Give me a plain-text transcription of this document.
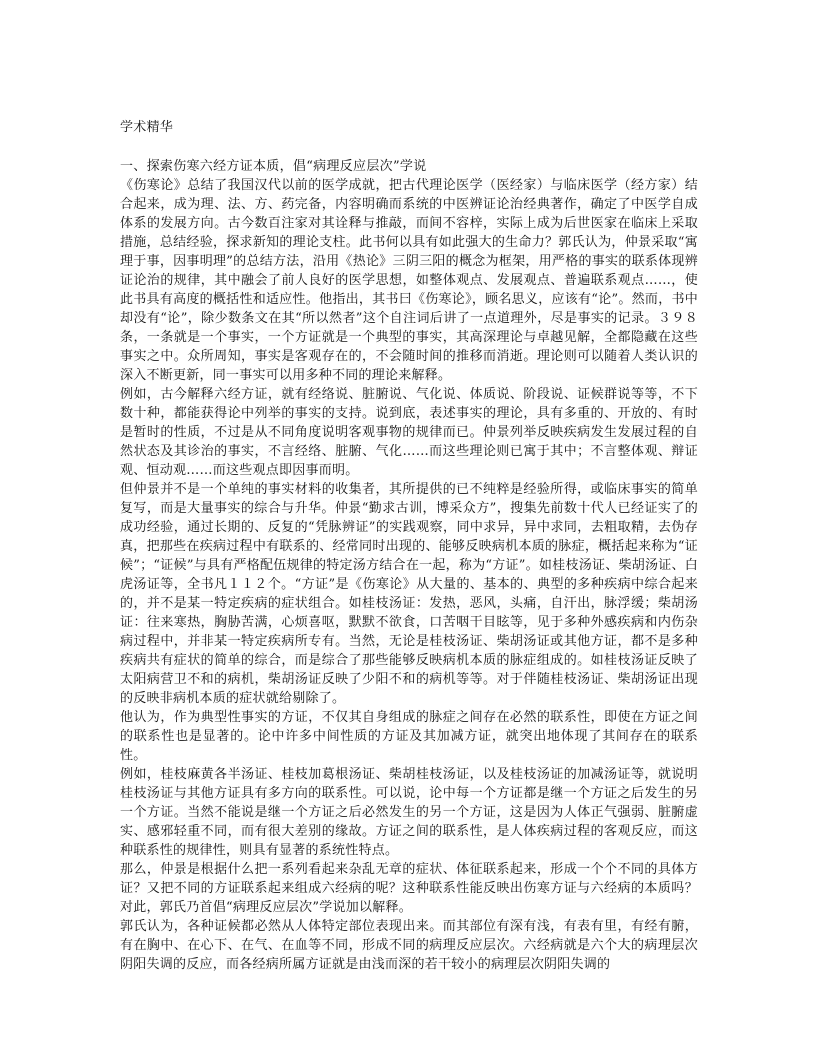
学术精华

一、探索伤寒六经方证本质，倡“病理反应层次”学说

《伤寒论》总结了我国汉代以前的医学成就，把古代理论医学（医经家）与临床医学（经方家）结合起来，成为理、法、方、药完备，内容明确而系统的中医辨证论治经典著作，确定了中医学自成体系的发展方向。古今数百注家对其诠释与推敲，而间不容梓，实际上成为后世医家在临床上采取措施，总结经验，探求新知的理论支柱。此书何以具有如此强大的生命力？郭氏认为，仲景采取“寓理于事，因事明理”的总结方法，沿用《热论》三阴三阳的概念为框架，用严格的事实的联系体现辨证论治的规律，其中融会了前人良好的医学思想，如整体观点、发展观点、普遍联系观点……，使此书具有高度的概括性和适应性。他指出，其书曰《伤寒论》，顾名思义，应该有“论”。然而，书中却没有“论”，除少数条文在其“所以然者”这个自注词后讲了一点道理外，尽是事实的记录。３９８条，一条就是一个事实，一个方证就是一个典型的事实，其高深理论与卓越见解，全都隐藏在这些事实之中。众所周知，事实是客观存在的，不会随时间的推移而消逝。理论则可以随着人类认识的深入不断更新，同一事实可以用多种不同的理论来解释。

例如，古今解释六经方证，就有经络说、脏腑说、气化说、体质说、阶段说、证候群说等等，不下数十种，都能获得论中列举的事实的支持。说到底，表述事实的理论，具有多重的、开放的、有时是暂时的性质，不过是从不同角度说明客观事物的规律而已。仲景列举反映疾病发生发展过程的自然状态及其诊治的事实，不言经络、脏腑、气化……而这些理论则已寓于其中；不言整体观、辩证观、恒动观……而这些观点即因事而明。

但仲景并不是一个单纯的事实材料的收集者，其所提供的已不纯粹是经验所得，或临床事实的简单复写，而是大量事实的综合与升华。仲景“勤求古训，博采众方”，搜集先前数十代人已经证实了的成功经验，通过长期的、反复的“凭脉辨证”的实践观察，同中求异，异中求同，去粗取精，去伪存真，把那些在疾病过程中有联系的、经常同时出现的、能够反映病机本质的脉症，概括起来称为“证候”；“证候”与具有严格配伍规律的特定汤方结合在一起，称为“方证”。如桂枝汤证、柴胡汤证、白虎汤证等，全书凡１１２个。“方证”是《伤寒论》从大量的、基本的、典型的多种疾病中综合起来的，并不是某一特定疾病的症状组合。如桂枝汤证：发热，恶风，头痛，自汗出，脉浮缓；柴胡汤证：往来寒热，胸胁苦满，心烦喜呕，默默不欲食，口苦咽干目眩等，见于多种外感疾病和内伤杂病过程中，并非某一特定疾病所专有。当然，无论是桂枝汤证、柴胡汤证或其他方证，都不是多种疾病共有症状的简单的综合，而是综合了那些能够反映病机本质的脉症组成的。如桂枝汤证反映了太阳病营卫不和的病机，柴胡汤证反映了少阳不和的病机等等。对于伴随桂枝汤证、柴胡汤证出现的反映非病机本质的症状就给剔除了。

他认为，作为典型性事实的方证，不仅其自身组成的脉症之间存在必然的联系性，即使在方证之间的联系性也是显著的。论中许多中间性质的方证及其加减方证，就突出地体现了其间存在的联系性。

例如，桂枝麻黄各半汤证、桂枝加葛根汤证、柴胡桂枝汤证，以及桂枝汤证的加减汤证等，就说明桂枝汤证与其他方证具有多方向的联系性。可以说，论中每一个方证都是继一个方证之后发生的另一个方证。当然不能说是继一个方证之后必然发生的另一个方证，这是因为人体正气强弱、脏腑虚实、感邪轻重不同，而有很大差别的缘故。方证之间的联系性，是人体疾病过程的客观反应，而这种联系性的规律性，则具有显著的系统性特点。

那么，仲景是根据什么把一系列看起来杂乱无章的症状、体征联系起来，形成一个个不同的具体方证？又把不同的方证联系起来组成六经病的呢？这种联系性能反映出伤寒方证与六经病的本质吗？对此，郭氏乃首倡“病理反应层次”学说加以解释。

郭氏认为，各种证候都必然从人体特定部位表现出来。而其部位有深有浅，有表有里，有经有腑，有在胸中、在心下、在气、在血等不同，形成不同的病理反应层次。六经病就是六个大的病理层次阴阳失调的反应，而各经病所属方证就是由浅而深的若干较小的病理层次阴阳失调的
